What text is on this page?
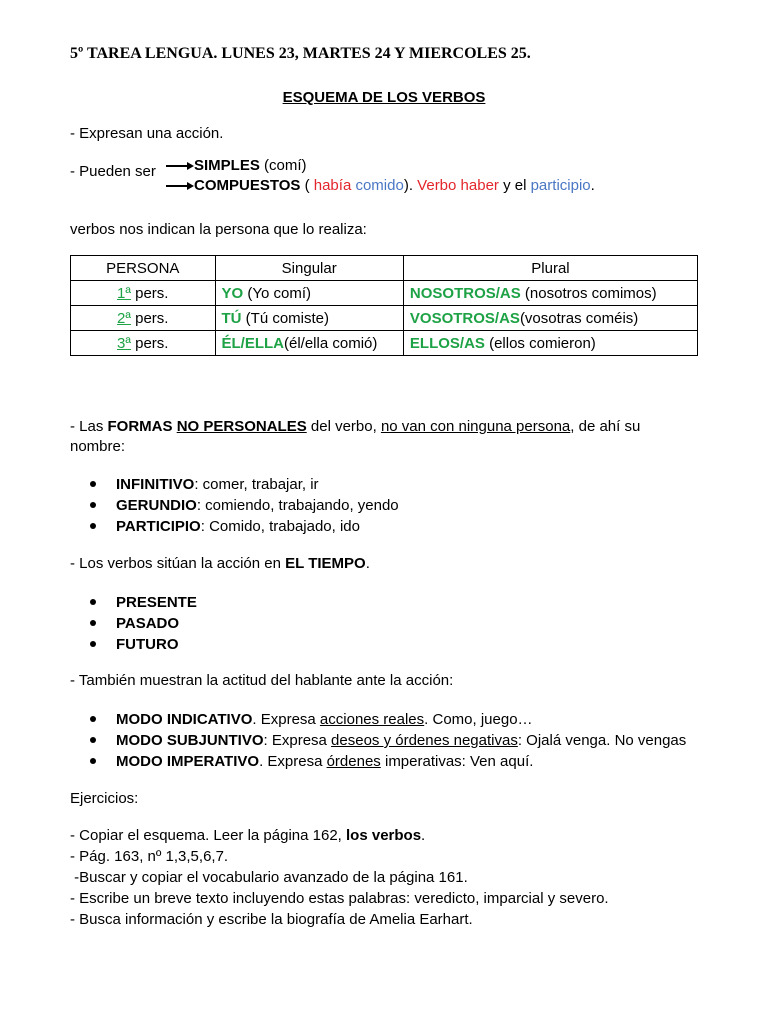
5º TAREA LENGUA. LUNES 23, MARTES 24 Y MIERCOLES 25.
ESQUEMA DE LOS VERBOS
- Expresan una acción.
- Pueden ser	SIMPLES (comí)
COMPUESTOS ( había comido). Verbo haber y el participio.
verbos nos indican la persona que lo realiza:
PERSONA	Singular	Plural
1ª pers.	YO (Yo comí)	NOSOTROS/AS (nosotros comimos)
2ª pers.	TÚ (Tú comiste)	VOSOTROS/AS(vosotras coméis)
3ª pers.	ÉL/ELLA(él/ella comió)	ELLOS/AS (ellos comieron)
- Las FORMAS NO PERSONALES del verbo, no van con ninguna persona, de ahí su
nombre:
INFINITIVO: comer, trabajar, ir
GERUNDIO: comiendo, trabajando, yendo
PARTICIPIO: Comido, trabajado, ido
- Los verbos sitúan la acción en EL TIEMPO.
PRESENTE
PASADO
FUTURO
- También muestran la actitud del hablante ante la acción:
MODO INDICATIVO. Expresa acciones reales. Como, juego…
MODO SUBJUNTIVO: Expresa deseos y órdenes negativas: Ojalá venga. No vengas
MODO IMPERATIVO. Expresa órdenes imperativas: Ven aquí.
Ejercicios:
- Copiar el esquema. Leer la página 162, los verbos.
- Pág. 163, nº 1,3,5,6,7.
-Buscar y copiar el vocabulario avanzado de la página 161.
- Escribe un breve texto incluyendo estas palabras: veredicto, imparcial y severo.
- Busca información y escribe la biografía de Amelia Earhart.
